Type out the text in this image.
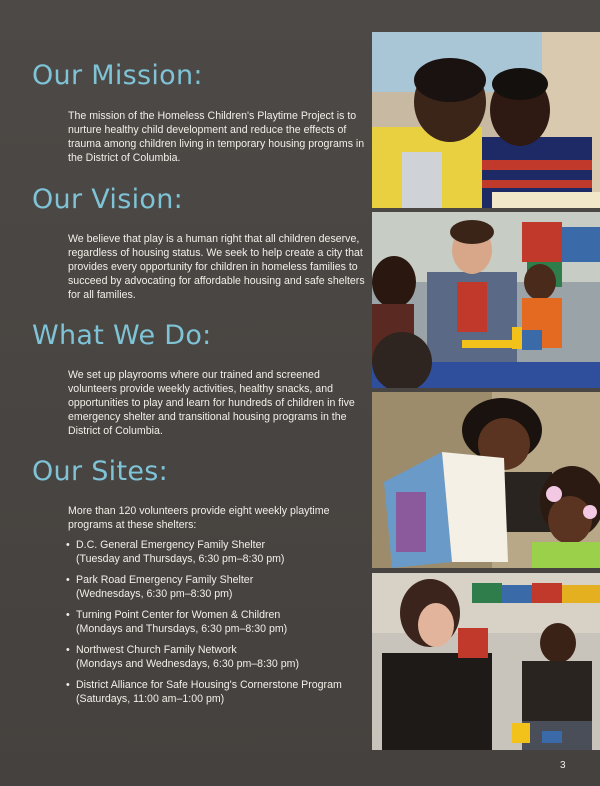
Our Mission:
The mission of the Homeless Children's Playtime Project is to nurture healthy child development and reduce the effects of trauma among children living in temporary housing programs in the District of Columbia.
Our Vision:
We believe that play is a human right that all children deserve, regardless of housing status. We seek to help create a city that provides every opportunity for children in homeless families to succeed by advocating for affordable housing and safe shelters for all families.
What We Do:
We set up playrooms where our trained and screened volunteers provide weekly activities, healthy snacks, and opportunities to play and learn for hundreds of children in five emergency shelter and transitional housing programs in the District of Columbia.
Our Sites:
More than 120 volunteers provide eight weekly playtime programs at these shelters:
• D.C. General Emergency Family Shelter
(Tuesday and Thursdays, 6:30 pm–8:30 pm)
• Park Road Emergency Family Shelter
(Wednesdays, 6:30 pm–8:30 pm)
• Turning Point Center for Women & Children
(Mondays and Thursdays, 6:30 pm–8:30 pm)
• Northwest Church Family Network
(Mondays and Wednesdays, 6:30 pm–8:30 pm)
• District Alliance for Safe Housing's Cornerstone Program
(Saturdays, 11:00 am–1:00 pm)
3
